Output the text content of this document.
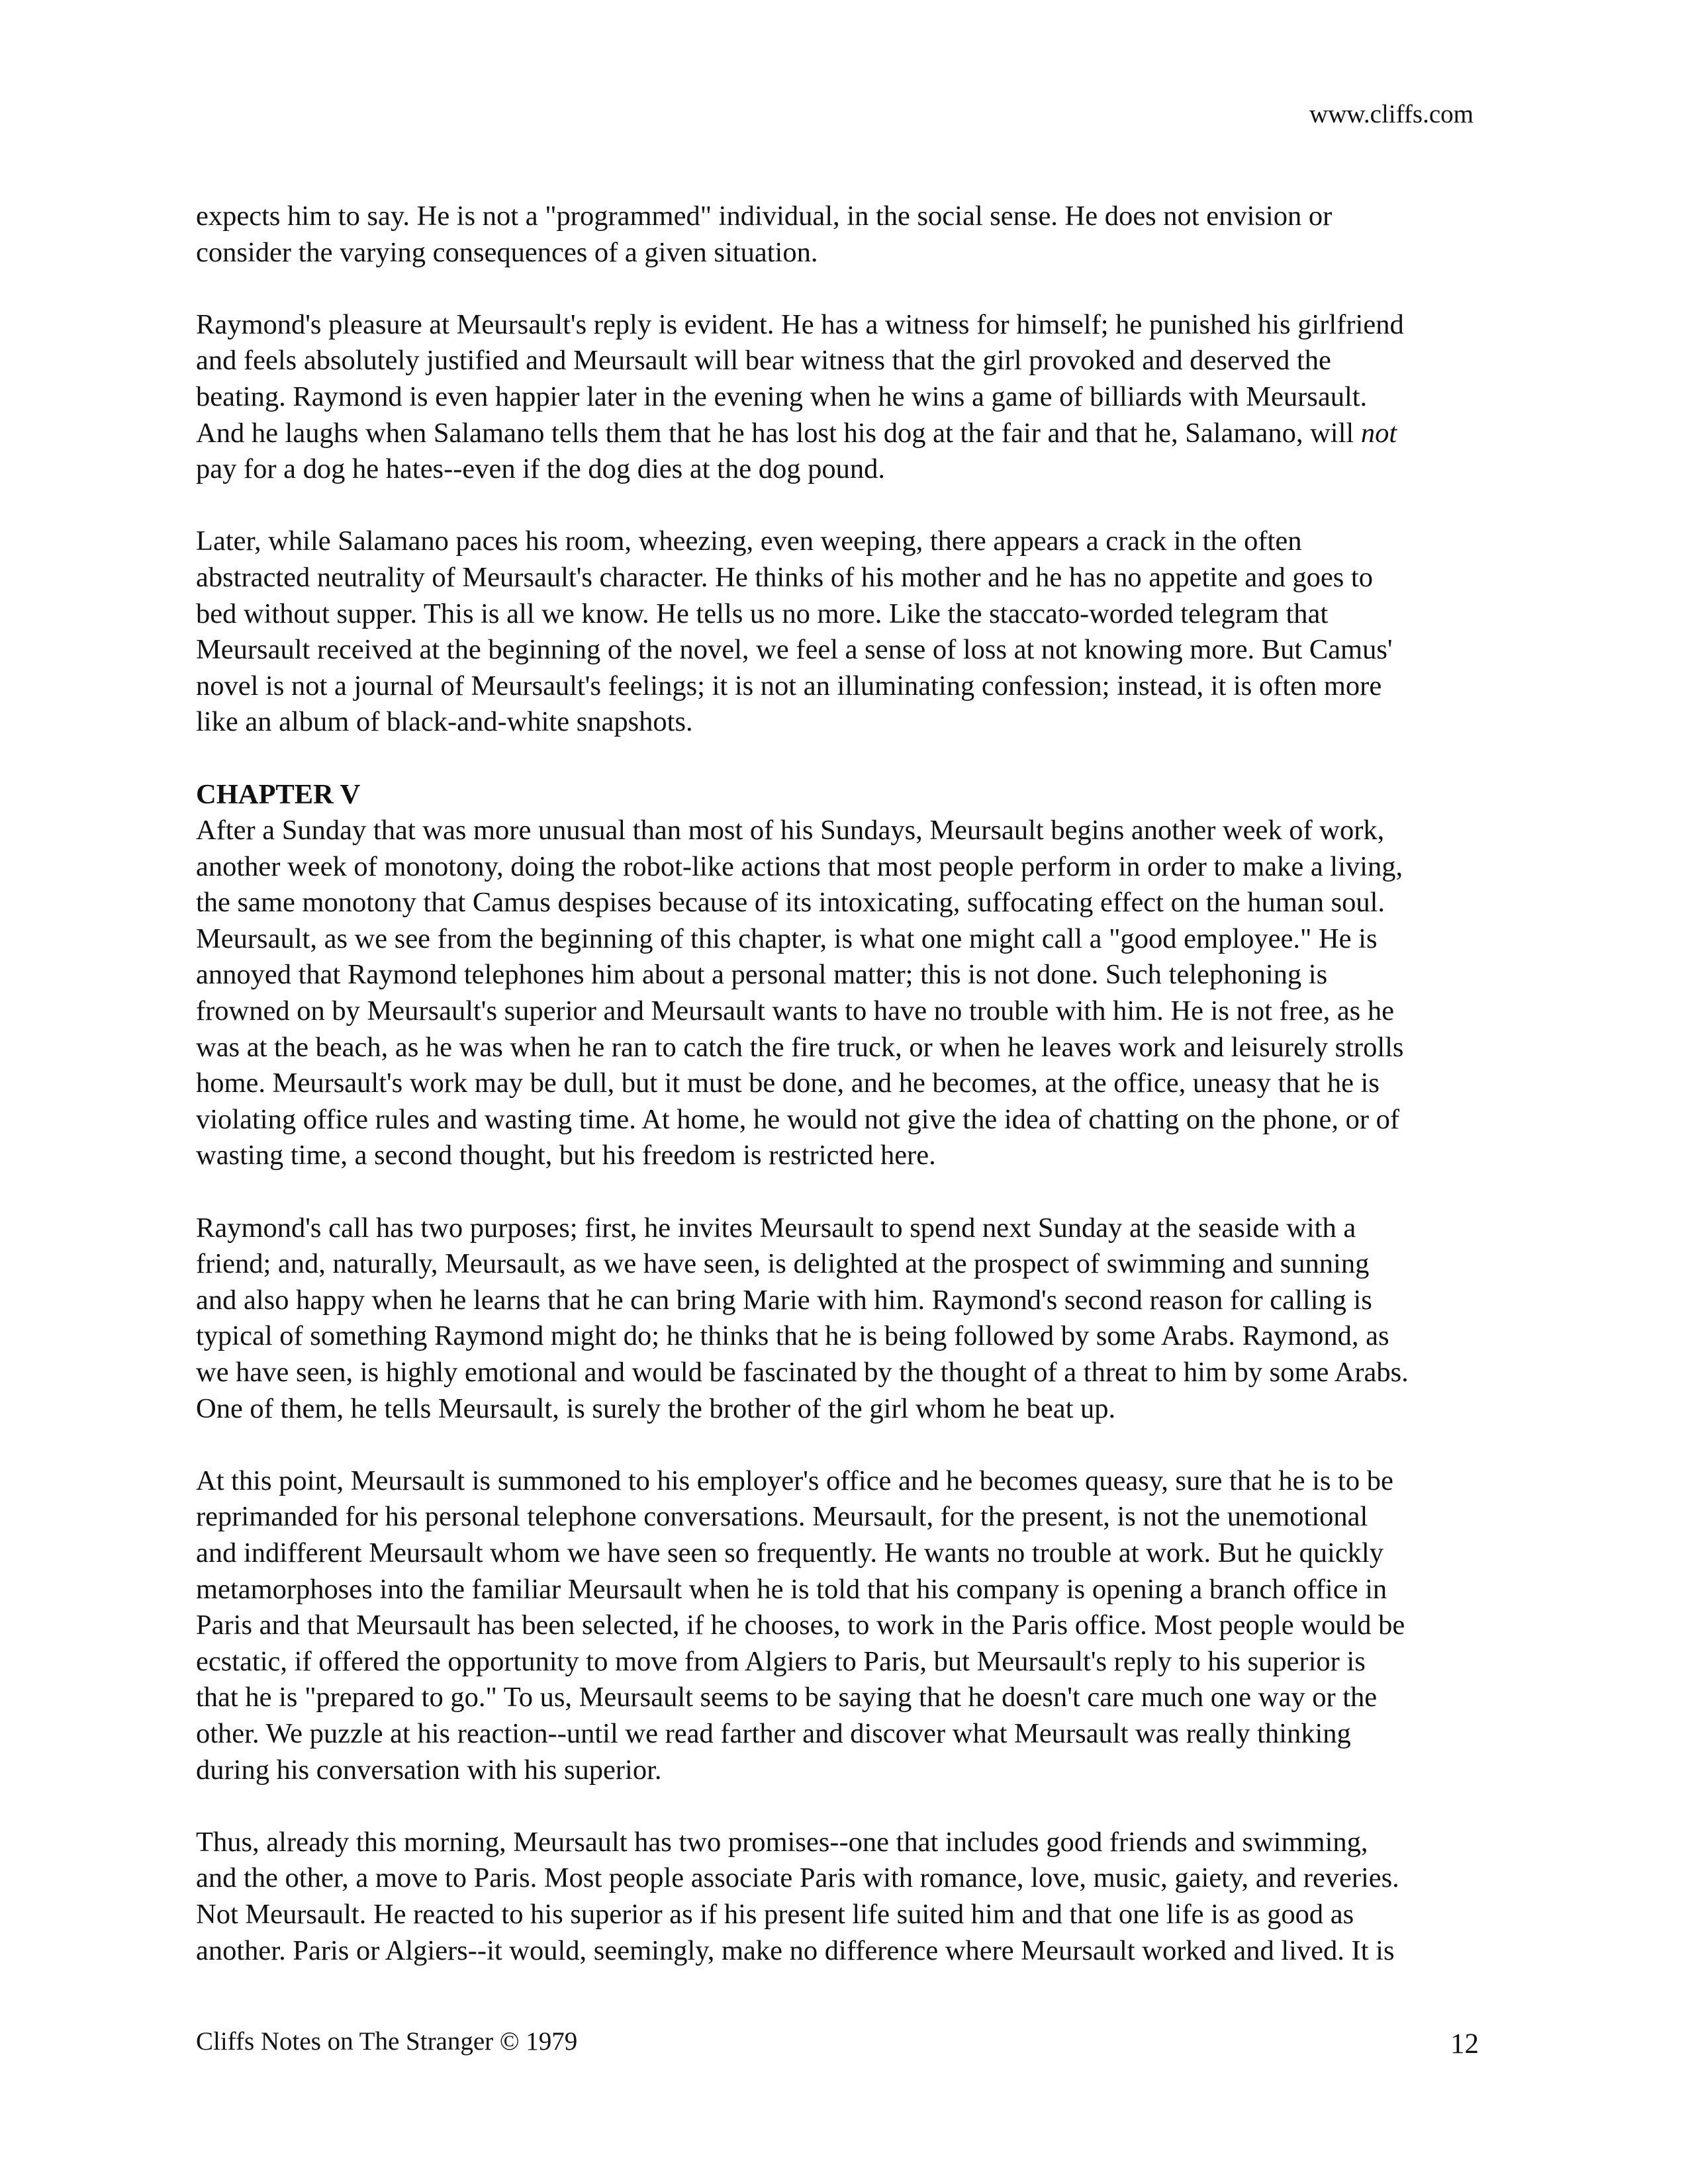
www.cliffs.com

expects him to say. He is not a "programmed" individual, in the social sense. He does not envision or
consider the varying consequences of a given situation.

Raymond's pleasure at Meursault's reply is evident. He has a witness for himself; he punished his girlfriend
and feels absolutely justified and Meursault will bear witness that the girl provoked and deserved the
beating. Raymond is even happier later in the evening when he wins a game of billiards with Meursault.
And he laughs when Salamano tells them that he has lost his dog at the fair and that he, Salamano, will not
pay for a dog he hates--even if the dog dies at the dog pound.

Later, while Salamano paces his room, wheezing, even weeping, there appears a crack in the often
abstracted neutrality of Meursault's character. He thinks of his mother and he has no appetite and goes to
bed without supper. This is all we know. He tells us no more. Like the staccato-worded telegram that
Meursault received at the beginning of the novel, we feel a sense of loss at not knowing more. But Camus'
novel is not a journal of Meursault's feelings; it is not an illuminating confession; instead, it is often more
like an album of black-and-white snapshots.

CHAPTER V
After a Sunday that was more unusual than most of his Sundays, Meursault begins another week of work,
another week of monotony, doing the robot-like actions that most people perform in order to make a living,
the same monotony that Camus despises because of its intoxicating, suffocating effect on the human soul.
Meursault, as we see from the beginning of this chapter, is what one might call a "good employee." He is
annoyed that Raymond telephones him about a personal matter; this is not done. Such telephoning is
frowned on by Meursault's superior and Meursault wants to have no trouble with him. He is not free, as he
was at the beach, as he was when he ran to catch the fire truck, or when he leaves work and leisurely strolls
home. Meursault's work may be dull, but it must be done, and he becomes, at the office, uneasy that he is
violating office rules and wasting time. At home, he would not give the idea of chatting on the phone, or of
wasting time, a second thought, but his freedom is restricted here.

Raymond's call has two purposes; first, he invites Meursault to spend next Sunday at the seaside with a
friend; and, naturally, Meursault, as we have seen, is delighted at the prospect of swimming and sunning
and also happy when he learns that he can bring Marie with him. Raymond's second reason for calling is
typical of something Raymond might do; he thinks that he is being followed by some Arabs. Raymond, as
we have seen, is highly emotional and would be fascinated by the thought of a threat to him by some Arabs.
One of them, he tells Meursault, is surely the brother of the girl whom he beat up.

At this point, Meursault is summoned to his employer's office and he becomes queasy, sure that he is to be
reprimanded for his personal telephone conversations. Meursault, for the present, is not the unemotional
and indifferent Meursault whom we have seen so frequently. He wants no trouble at work. But he quickly
metamorphoses into the familiar Meursault when he is told that his company is opening a branch office in
Paris and that Meursault has been selected, if he chooses, to work in the Paris office. Most people would be
ecstatic, if offered the opportunity to move from Algiers to Paris, but Meursault's reply to his superior is
that he is "prepared to go." To us, Meursault seems to be saying that he doesn't care much one way or the
other. We puzzle at his reaction--until we read farther and discover what Meursault was really thinking
during his conversation with his superior.

Thus, already this morning, Meursault has two promises--one that includes good friends and swimming,
and the other, a move to Paris. Most people associate Paris with romance, love, music, gaiety, and reveries.
Not Meursault. He reacted to his superior as if his present life suited him and that one life is as good as
another. Paris or Algiers--it would, seemingly, make no difference where Meursault worked and lived. It is

Cliffs Notes on The Stranger © 1979	12
